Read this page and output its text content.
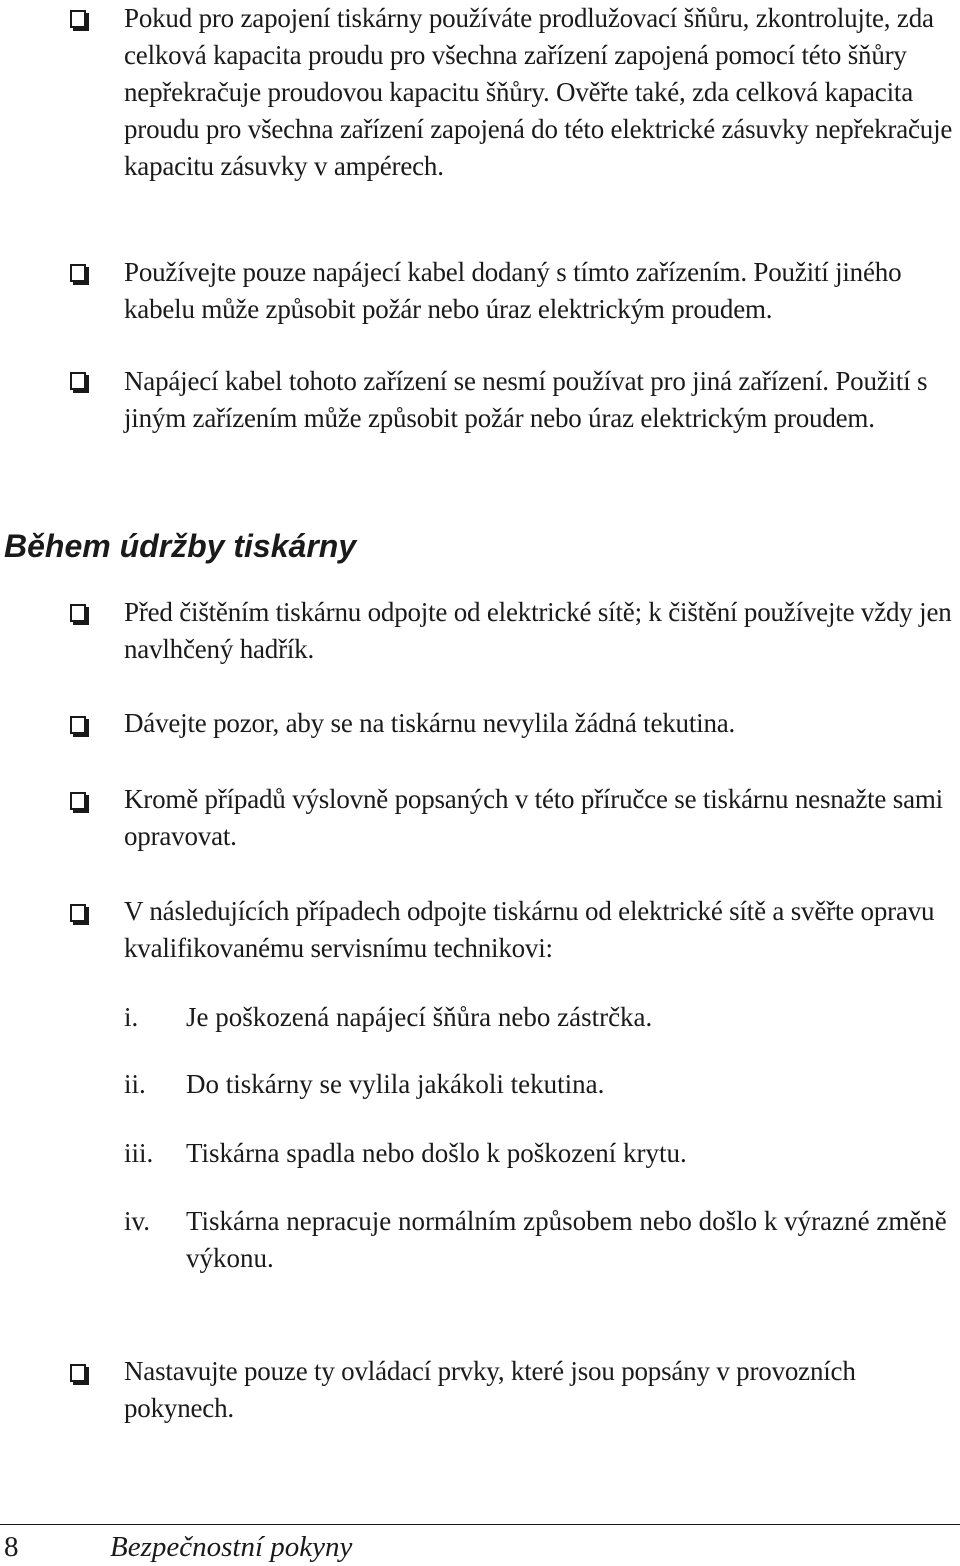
Pokud pro zapojení tiskárny používáte prodlužovací šňůru, zkontrolujte, zda celková kapacita proudu pro všechna zařízení zapojená pomocí této šňůry nepřekračuje proudovou kapacitu šňůry. Ověřte také, zda celková kapacita proudu pro všechna zařízení zapojená do této elektrické zásuvky nepřekračuje kapacitu zásuvky v ampérech.

Používejte pouze napájecí kabel dodaný s tímto zařízením. Použití jiného kabelu může způsobit požár nebo úraz elektrickým proudem.

Napájecí kabel tohoto zařízení se nesmí používat pro jiná zařízení. Použití s jiným zařízením může způsobit požár nebo úraz elektrickým proudem.

Během údržby tiskárny

Před čištěním tiskárnu odpojte od elektrické sítě; k čištění používejte vždy jen navlhčený hadřík.

Dávejte pozor, aby se na tiskárnu nevylila žádná tekutina.

Kromě případů výslovně popsaných v této příručce se tiskárnu nesnažte sami opravovat.

V následujících případech odpojte tiskárnu od elektrické sítě a svěřte opravu kvalifikovanému servisnímu technikovi:

i. Je poškozená napájecí šňůra nebo zástrčka.
ii. Do tiskárny se vylila jakákoli tekutina.
iii. Tiskárna spadla nebo došlo k poškození krytu.
iv. Tiskárna nepracuje normálním způsobem nebo došlo k výrazné změně výkonu.

Nastavujte pouze ty ovládací prvky, které jsou popsány v provozních pokynech.

8	Bezpečnostní pokyny
